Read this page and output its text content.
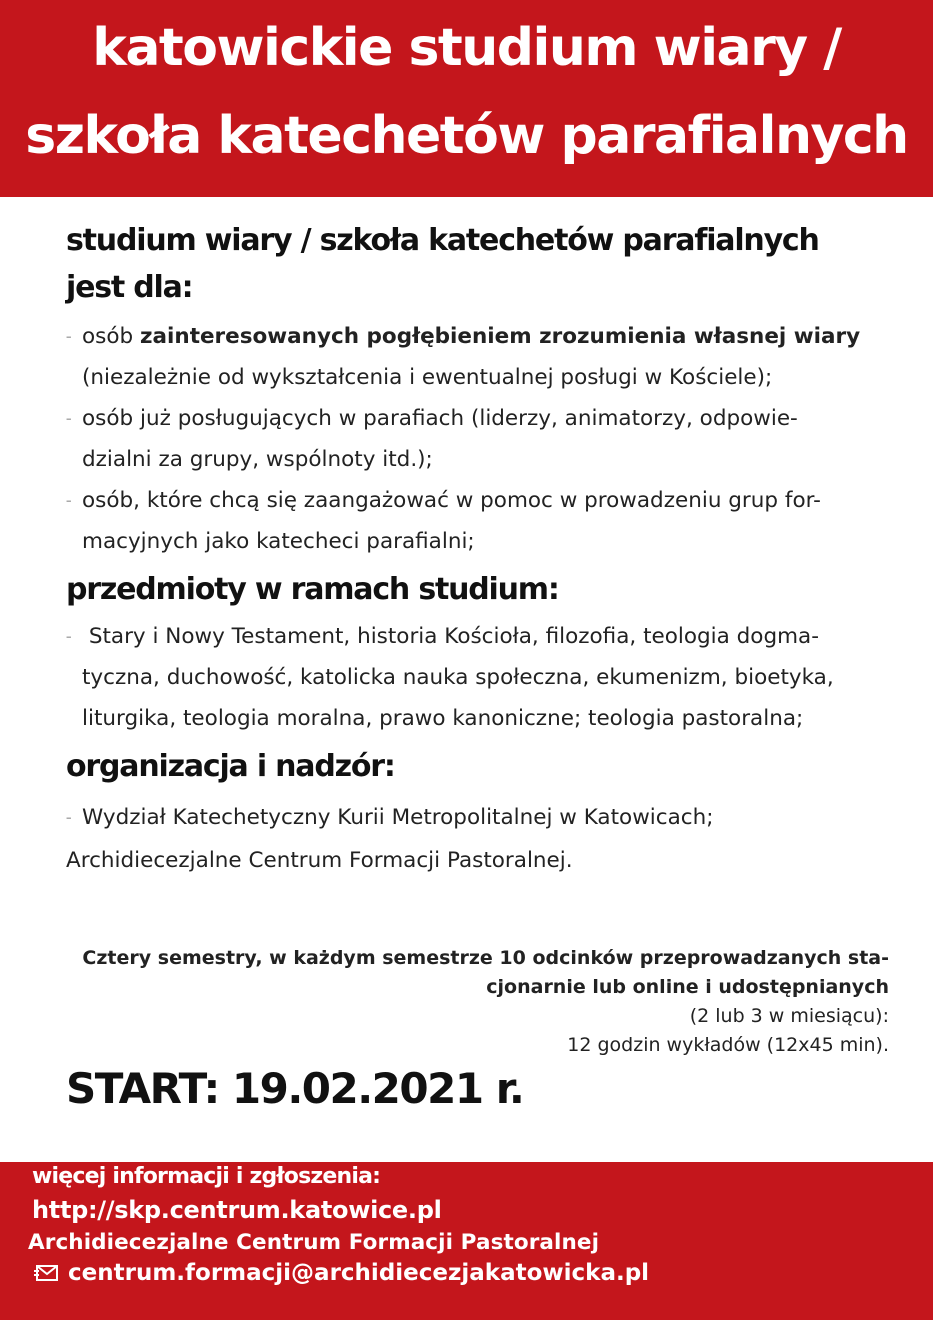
katowickie studium wiary /
szkoła katechetów parafialnych
studium wiary / szkoła katechetów parafialnych
jest dla:
– osób zainteresowanych pogłębieniem zrozumienia własnej wiary
(niezależnie od wykształcenia i ewentualnej posługi w Kościele);
– osób już posługujących w parafiach (liderzy, animatorzy, odpowie-
dzialni za grupy, wspólnoty itd.);
– osób, które chcą się zaangażować w pomoc w prowadzeniu grup for-
macyjnych jako katecheci parafialni;
przedmioty w ramach studium:
– Stary i Nowy Testament, historia Kościoła, filozofia, teologia dogma-
tyczna, duchowość, katolicka nauka społeczna, ekumenizm, bioetyka,
liturgika, teologia moralna, prawo kanoniczne; teologia pastoralna;
organizacja i nadzór:
– Wydział Katechetyczny Kurii Metropolitalnej w Katowicach;
Archidiecezjalne Centrum Formacji Pastoralnej.
Cztery semestry, w każdym semestrze 10 odcinków przeprowadzanych sta-
cjonarnie lub online i udostępnianych
(2 lub 3 w miesiącu):
12 godzin wykładów (12x45 min).
START: 19.02.2021 r.
więcej informacji i zgłoszenia:
http://skp.centrum.katowice.pl
Archidiecezjalne Centrum Formacji Pastoralnej
centrum.formacji@archidiecezjakatowicka.pl
